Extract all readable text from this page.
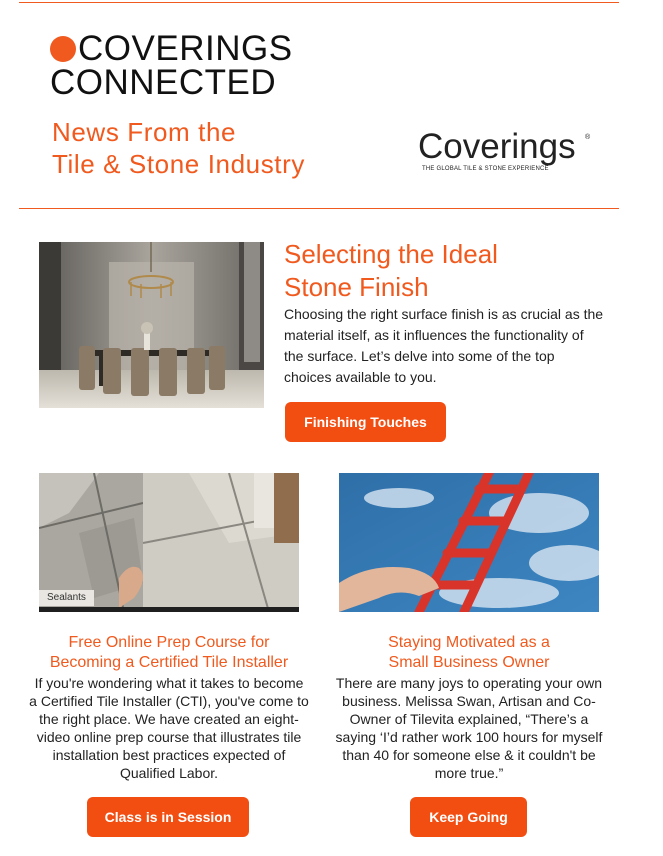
COVERINGS
CONNECTED
News From the
Tile & Stone Industry	Coverings ®
THE GLOBAL TILE & STONE EXPERIENCE
Selecting the Ideal
Stone Finish
Choosing the right surface finish is as crucial as the material itself, as it influences the functionality of the surface. Let’s delve into some of the top choices available to you.
Finishing Touches
Sealants
Free Online Prep Course for
Becoming a Certified Tile Installer
If you're wondering what it takes to become a Certified Tile Installer (CTI), you've come to the right place. We have created an eight-video online prep course that illustrates tile installation best practices expected of Qualified Labor.
Class is in Session
Staying Motivated as a
Small Business Owner
There are many joys to operating your own business. Melissa Swan, Artisan and Co-Owner of Tilevita explained, “There’s a saying ‘I’d rather work 100 hours for myself than 40 for someone else & it couldn't be more true.”
Keep Going
